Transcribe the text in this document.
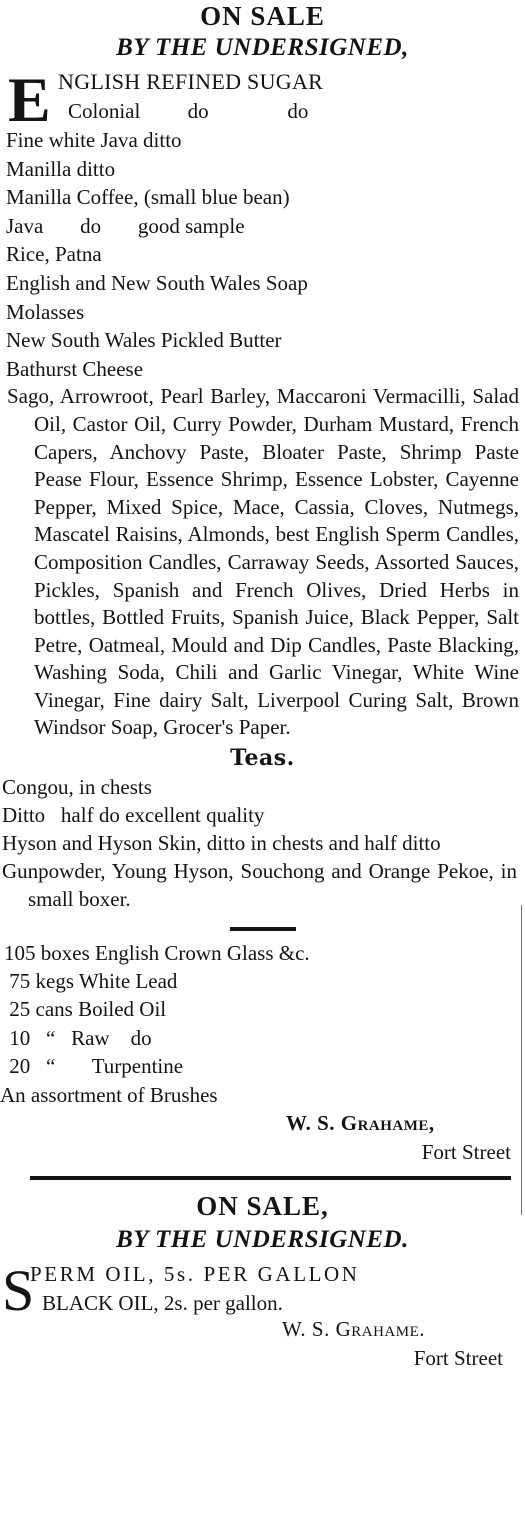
ON SALE
BY THE UNDERSIGNED,
E NGLISH REFINED SUGAR
Colonial         do               do
Fine white Java ditto
Manilla ditto
Manilla Coffee, (small blue bean)
Java       do       good sample
Rice, Patna
English and New South Wales Soap
Molasses
New South Wales Pickled Butter
Bathurst Cheese
Sago, Arrowroot, Pearl Barley, Maccaroni Vermacilli, Salad Oil, Castor Oil, Curry Powder, Durham Mustard, French Capers, Anchovy Paste, Bloater Paste, Shrimp Paste Pease Flour, Essence Shrimp, Essence Lobster, Cayenne Pepper, Mixed Spice, Mace, Cassia, Cloves, Nutmegs, Mascatel Raisins, Almonds, best English Sperm Candles, Composition Candles, Carraway Seeds, Assorted Sauces, Pickles, Spanish and French Olives, Dried Herbs in bottles, Bottled Fruits, Spanish Juice, Black Pepper, Salt Petre, Oatmeal, Mould and Dip Candles, Paste Blacking, Washing Soda, Chili and Garlic Vinegar, White Wine Vinegar, Fine dairy Salt, Liverpool Curing Salt, Brown Windsor Soap, Grocer's Paper.
Teas.
Congou, in chests
Ditto   half do excellent quality
Hyson and Hyson Skin, ditto in chests and half ditto
Gunpowder, Young Hyson, Souchong and Orange Pekoe, in small boxer.
105 boxes English Crown Glass &c.
75 kegs White Lead
25 cans Boiled Oil
10   “   Raw    do
20   “       Turpentine
An assortment of Brushes
W. S. Grahame,
Fort Street
ON SALE,
BY THE UNDERSIGNED.
S
PERM OIL, 5s. PER GALLON
BLACK OIL, 2s. per gallon.
W. S. Grahame.
Fort Street
